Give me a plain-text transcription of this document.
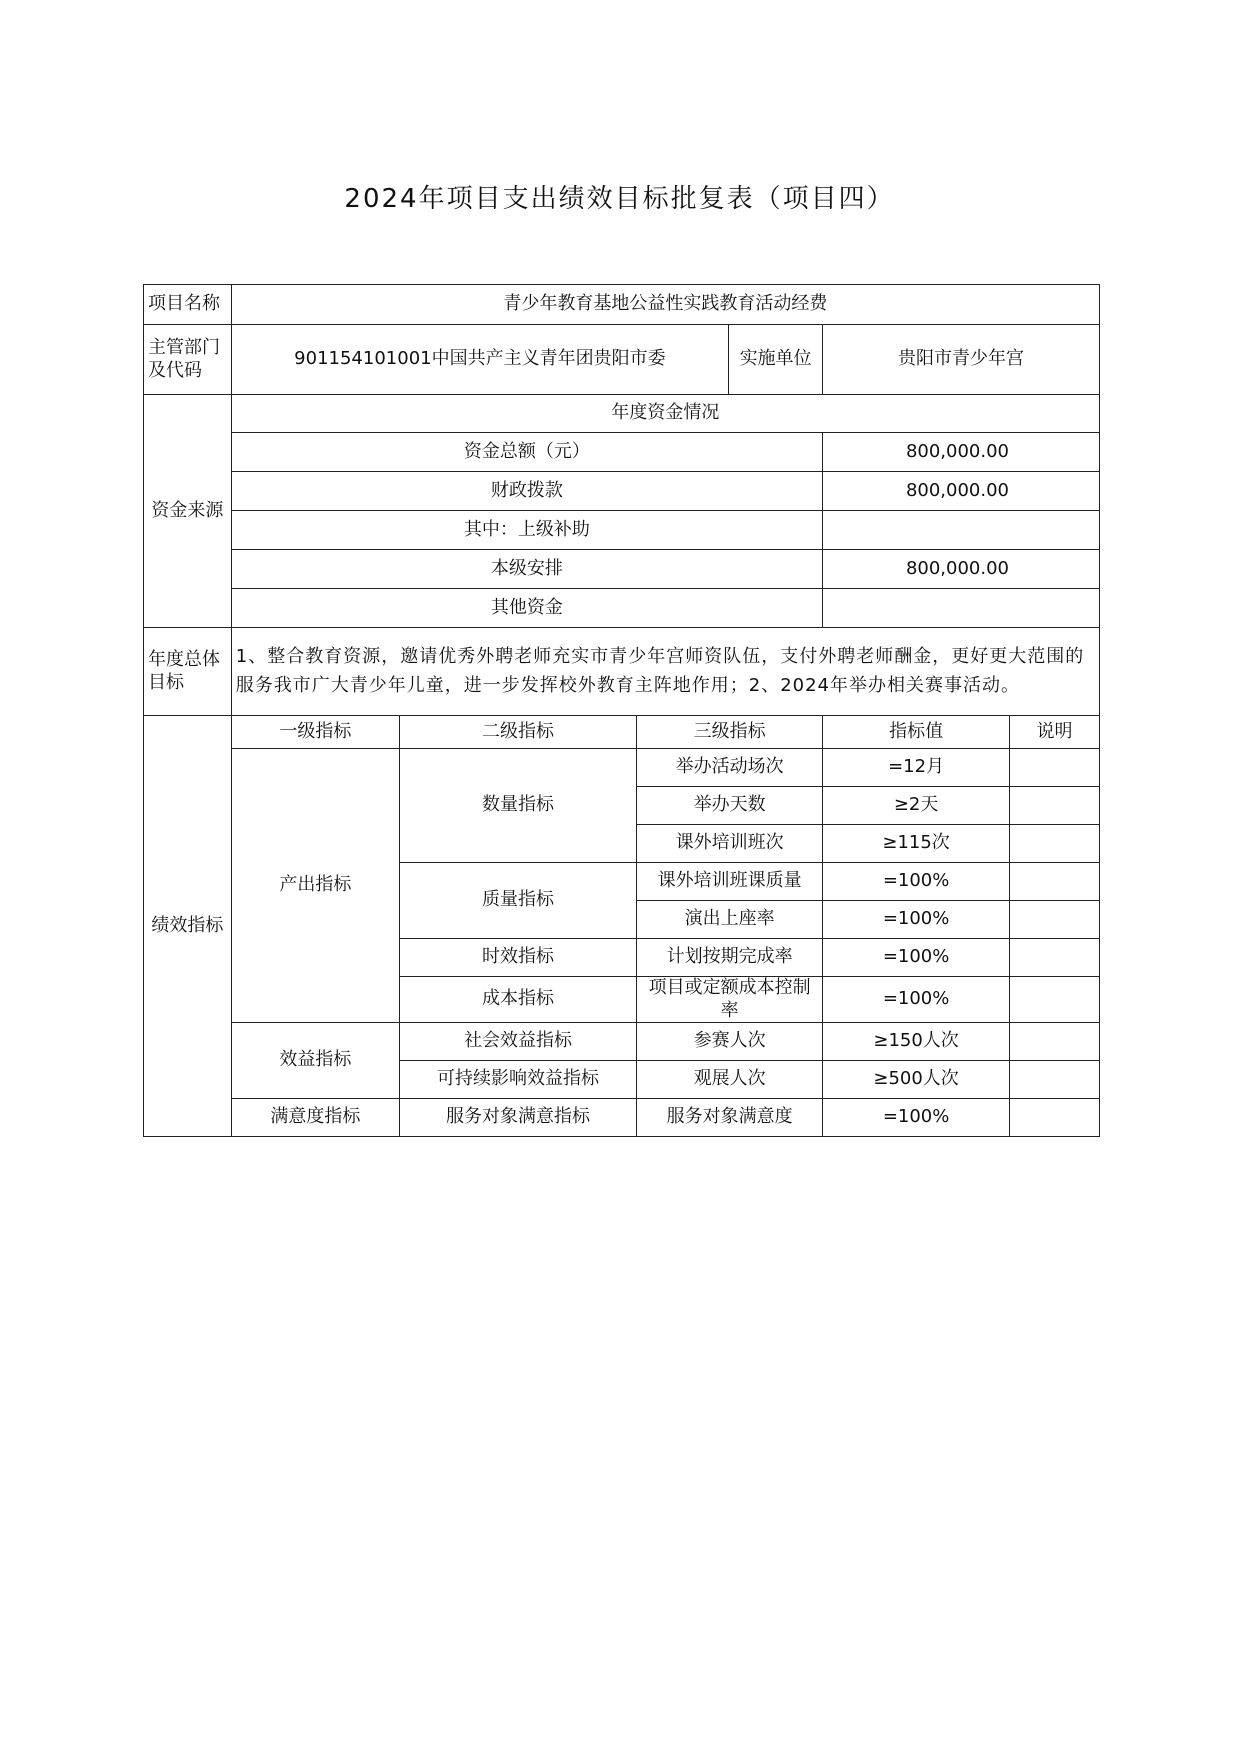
2024年项目支出绩效目标批复表（项目四）
项目名称	青少年教育基地公益性实践教育活动经费					
主管部门及代码	901154101001中国共产主义青年团贵阳市委			实施单位	贵阳市青少年宫	
资金来源	年度资金情况					
	资金总额（元）				800,000.00	
	财政拨款				800,000.00	
	其中：上级补助					
	本级安排				800,000.00	
	其他资金					
年度总体目标	1、整合教育资源，邀请优秀外聘老师充实市青少年宫师资队伍，支付外聘老师酬金，更好更大范围的服务我市广大青少年儿童，进一步发挥校外教育主阵地作用；2、2024年举办相关赛事活动。					
绩效指标	一级指标	二级指标	三级指标		指标值	说明
	产出指标	数量指标	举办活动场次		=12月	
			举办天数		≥2天	
			课外培训班次		≥115次	
		质量指标	课外培训班课质量		=100%	
			演出上座率		=100%	
		时效指标	计划按期完成率		=100%	
		成本指标	项目或定额成本控制率		=100%	
	效益指标	社会效益指标	参赛人次		≥150人次	
		可持续影响效益指标	观展人次		≥500人次	
	满意度指标	服务对象满意指标	服务对象满意度		=100%	
